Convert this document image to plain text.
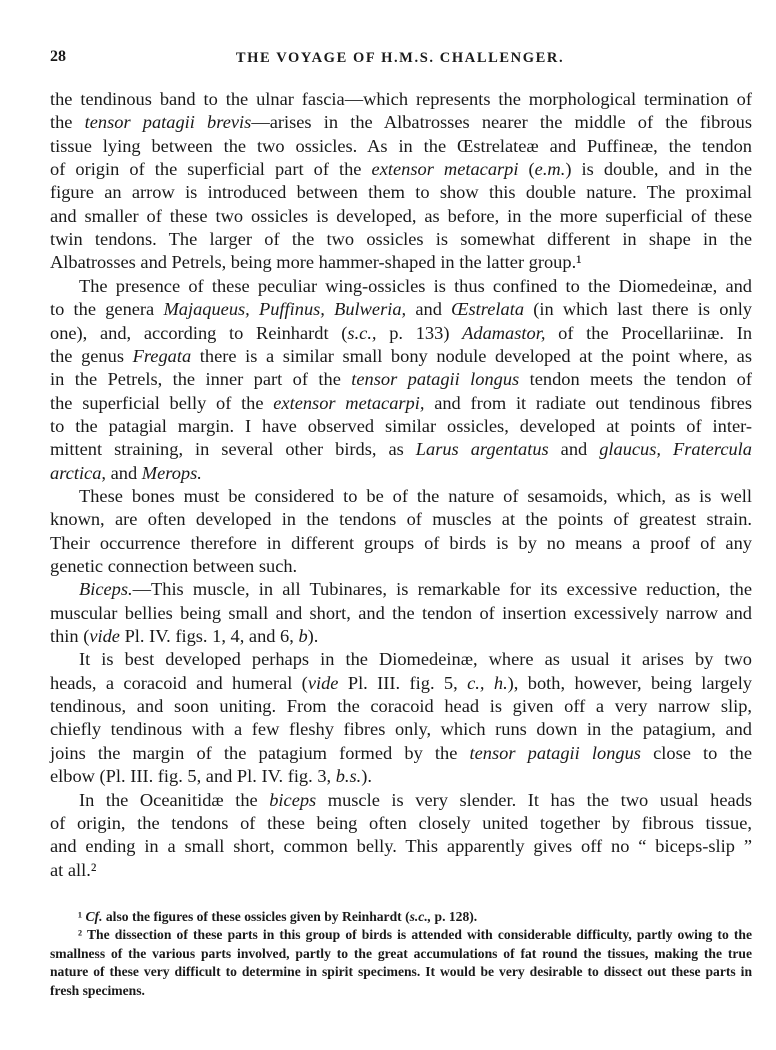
28	THE VOYAGE OF H.M.S. CHALLENGER.
the tendinous band to the ulnar fascia—which represents the morphological termination of
the tensor patagii brevis—arises in the Albatrosses nearer the middle of the fibrous
tissue lying between the two ossicles. As in the Œstrelateæ and Puffineæ, the tendon
of origin of the superficial part of the extensor metacarpi (e.m.) is double, and in the
figure an arrow is introduced between them to show this double nature. The proximal
and smaller of these two ossicles is developed, as before, in the more superficial of these
twin tendons. The larger of the two ossicles is somewhat different in shape in the
Albatrosses and Petrels, being more hammer-shaped in the latter group.¹
The presence of these peculiar wing-ossicles is thus confined to the Diomedeinæ, and
to the genera Majaqueus, Puffinus, Bulweria, and Œstrelata (in which last there is only
one), and, according to Reinhardt (s.c., p. 133) Adamastor, of the Procellariinæ. In
the genus Fregata there is a similar small bony nodule developed at the point where, as
in the Petrels, the inner part of the tensor patagii longus tendon meets the tendon of
the superficial belly of the extensor metacarpi, and from it radiate out tendinous fibres
to the patagial margin. I have observed similar ossicles, developed at points of inter-
mittent straining, in several other birds, as Larus argentatus and glaucus, Fratercula
arctica, and Merops.
These bones must be considered to be of the nature of sesamoids, which, as is well
known, are often developed in the tendons of muscles at the points of greatest strain.
Their occurrence therefore in different groups of birds is by no means a proof of any
genetic connection between such.
Biceps.—This muscle, in all Tubinares, is remarkable for its excessive reduction, the
muscular bellies being small and short, and the tendon of insertion excessively narrow and
thin (vide Pl. IV. figs. 1, 4, and 6, b).
It is best developed perhaps in the Diomedeinæ, where as usual it arises by two
heads, a coracoid and humeral (vide Pl. III. fig. 5, c., h.), both, however, being largely
tendinous, and soon uniting. From the coracoid head is given off a very narrow slip,
chiefly tendinous with a few fleshy fibres only, which runs down in the patagium, and
joins the margin of the patagium formed by the tensor patagii longus close to the
elbow (Pl. III. fig. 5, and Pl. IV. fig. 3, b.s.).
In the Oceanitidæ the biceps muscle is very slender. It has the two usual heads
of origin, the tendons of these being often closely united together by fibrous tissue,
and ending in a small short, common belly. This apparently gives off no “ biceps-slip ”
at all.²
¹ Cf. also the figures of these ossicles given by Reinhardt (s.c., p. 128).
² The dissection of these parts in this group of birds is attended with considerable difficulty, partly owing to the
smallness of the various parts involved, partly to the great accumulations of fat round the tissues, making the true
nature of these very difficult to determine in spirit specimens. It would be very desirable to dissect out these parts in
fresh specimens.
